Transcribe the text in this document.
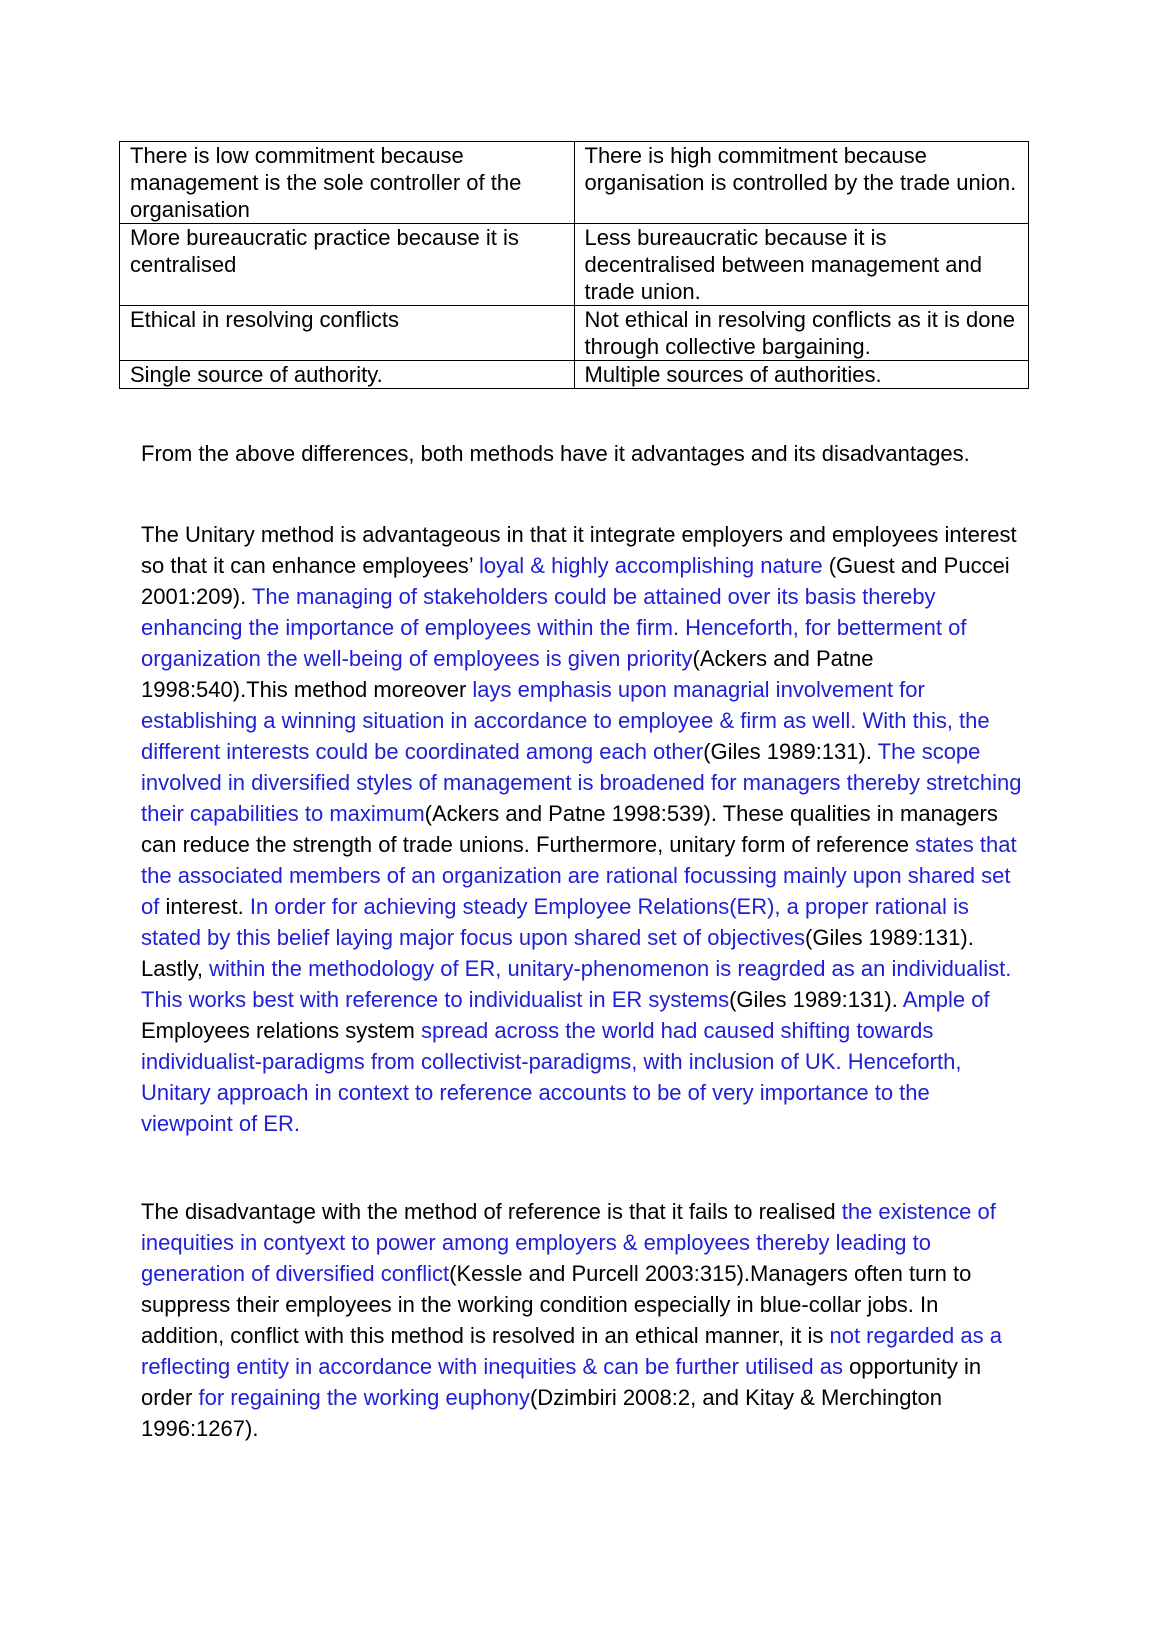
There is low commitment because management is the sole controller of the organisation	There is high commitment because organisation is controlled by the trade union.
More bureaucratic practice because it is centralised	Less bureaucratic because it is decentralised between management and trade union.
Ethical in resolving conflicts	Not ethical in resolving conflicts as it is done through collective bargaining.
Single source of authority.	Multiple sources of authorities.

From the above differences, both methods have it advantages and its disadvantages.

The Unitary method is advantageous in that it integrate employers and employees interest so that it can enhance employees’ loyal & highly accomplishing nature (Guest and Puccei 2001:209). The managing of stakeholders could be attained over its basis thereby enhancing the importance of employees within the firm. Henceforth, for betterment of organization the well-being of employees is given priority(Ackers and Patne 1998:540).This method moreover lays emphasis upon managrial involvement for establishing a winning situation in accordance to employee & firm as well. With this, the different interests could be coordinated among each other(Giles 1989:131). The scope involved in diversified styles of management is broadened for managers thereby stretching their capabilities to maximum(Ackers and Patne 1998:539). These qualities in managers can reduce the strength of trade unions. Furthermore, unitary form of reference states that the associated members of an organization are rational focussing mainly upon shared set of interest. In order for achieving steady Employee Relations(ER), a proper rational is stated by this belief laying major focus upon shared set of objectives(Giles 1989:131). Lastly, within the methodology of ER, unitary-phenomenon is reagrded as an individualist. This works best with reference to individualist in ER systems(Giles 1989:131). Ample of Employees relations system spread across the world had caused shifting towards individualist-paradigms from collectivist-paradigms, with inclusion of UK. Henceforth, Unitary approach in context to reference accounts to be of very importance to the viewpoint of ER.

The disadvantage with the method of reference is that it fails to realised the existence of inequities in contyext to power among employers & employees thereby leading to generation of diversified conflict(Kessle and Purcell 2003:315).Managers often turn to suppress their employees in the working condition especially in blue-collar jobs. In addition, conflict with this method is resolved in an ethical manner, it is not regarded as a reflecting entity in accordance with inequities & can be further utilised as opportunity in order for regaining the working euphony(Dzimbiri 2008:2, and Kitay & Merchington 1996:1267).
